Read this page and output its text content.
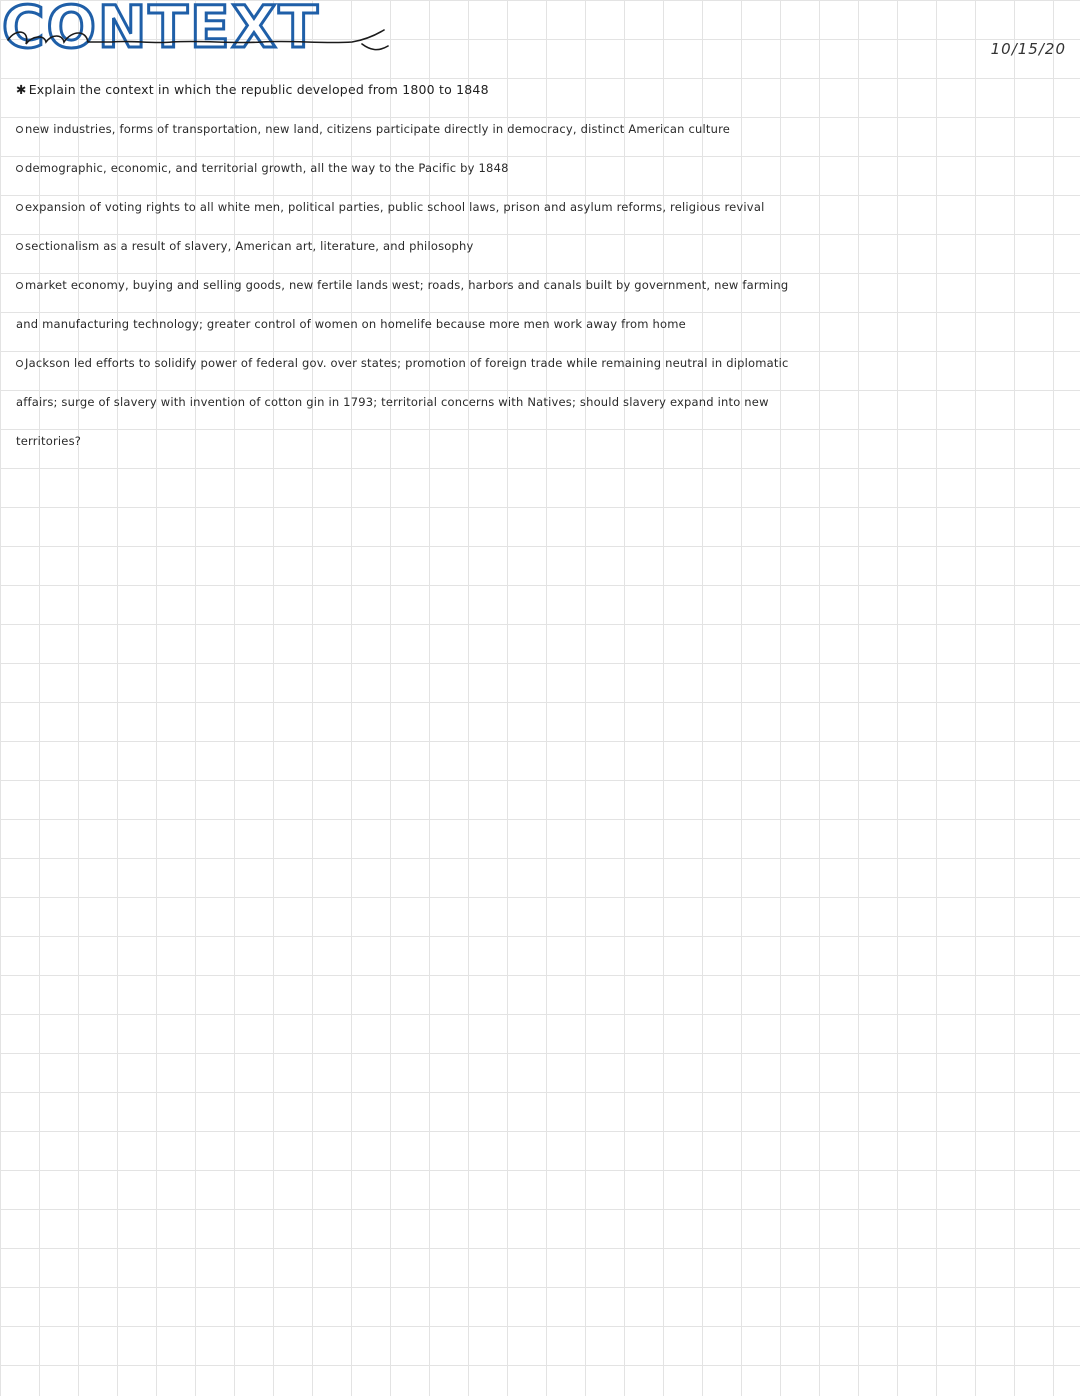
CONTEXT	10/15/20
✱ Explain the context in which the republic developed from 1800 to 1848
new industries, forms of transportation, new land, citizens participate directly in democracy, distinct American culture
demographic, economic, and territorial growth, all the way to the Pacific by 1848
expansion of voting rights to all white men, political parties, public school laws, prison and asylum reforms, religious revival
sectionalism as a result of slavery, American art, literature, and philosophy
market economy, buying and selling goods, new fertile lands west; roads, harbors and canals built by government, new farming
and manufacturing technology; greater control of women on homelife because more men work away from home
Jackson led efforts to solidify power of federal gov. over states; promotion of foreign trade while remaining neutral in diplomatic
affairs; surge of slavery with invention of cotton gin in 1793; territorial concerns with Natives; should slavery expand into new
territories?
